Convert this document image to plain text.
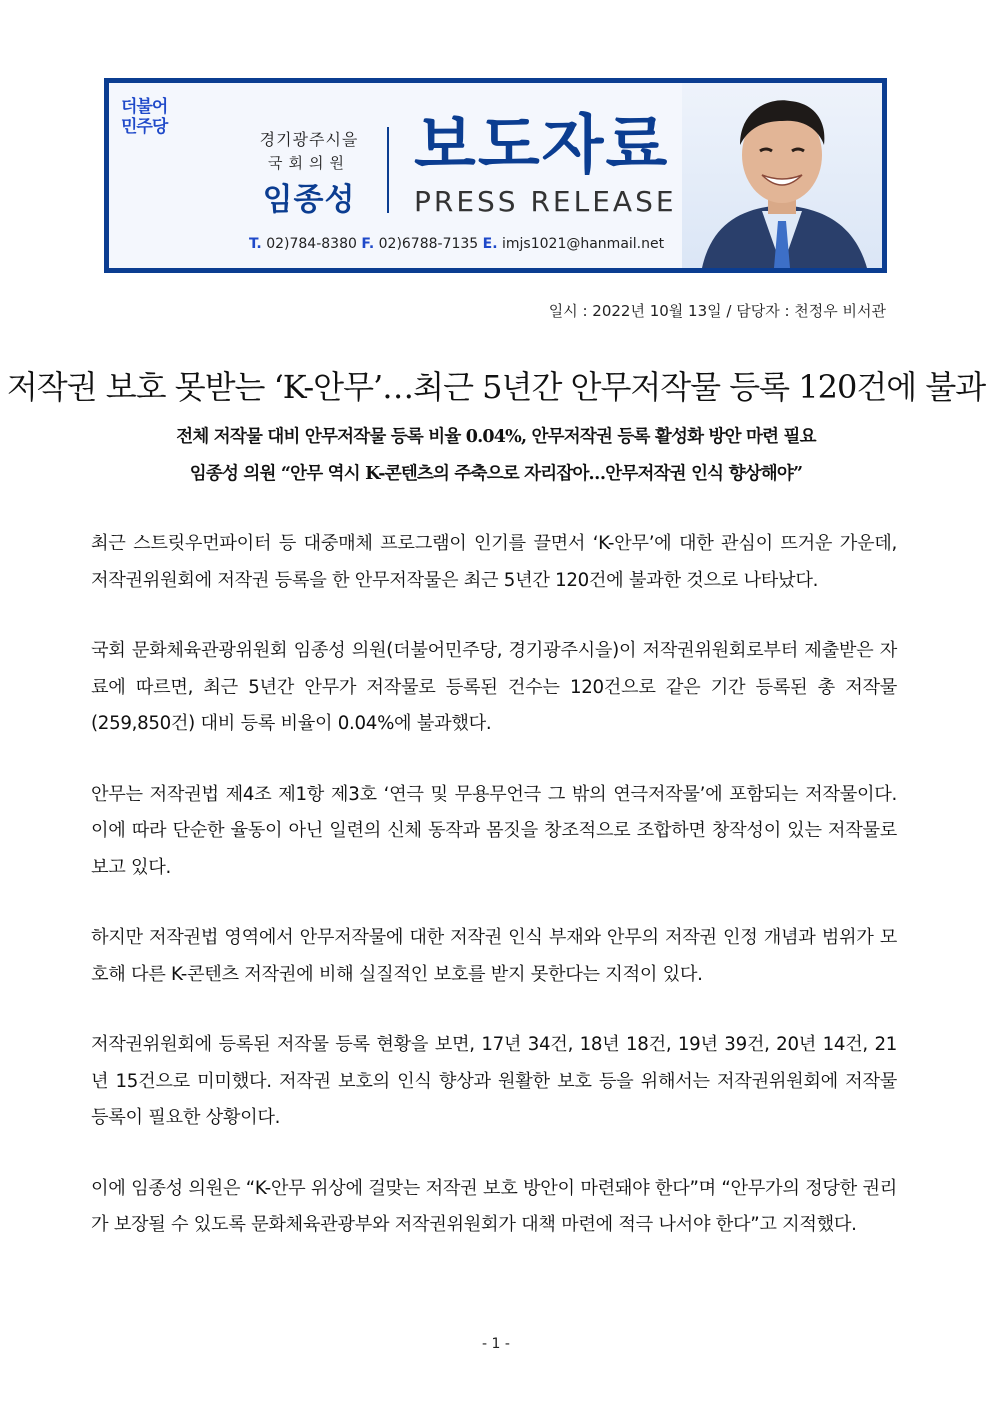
더불어
민주당
경기광주시을
국회의원
임종성
보도자료
PRESS RELEASE
T. 02)784-8380 F. 02)6788-7135 E. imjs1021@hanmail.net
일시 : 2022년 10월 13일 / 담당자 : 천정우 비서관
저작권 보호 못받는 ‘K-안무’…최근 5년간 안무저작물 등록 120건에 불과
전체 저작물 대비 안무저작물 등록 비율 0.04%, 안무저작권 등록 활성화 방안 마련 필요
임종성 의원 “안무 역시 K-콘텐츠의 주축으로 자리잡아…안무저작권 인식 향상해야”

최근 스트릿우먼파이터 등 대중매체 프로그램이 인기를 끌면서 ‘K-안무’에 대한 관심이 뜨거운 가운데, 저작권위원회에 저작권 등록을 한 안무저작물은 최근 5년간 120건에 불과한 것으로 나타났다.

국회 문화체육관광위원회 임종성 의원(더불어민주당, 경기광주시을)이 저작권위원회로부터 제출받은 자료에 따르면, 최근 5년간 안무가 저작물로 등록된 건수는 120건으로 같은 기간 등록된 총 저작물(259,850건) 대비 등록 비율이 0.04%에 불과했다.

안무는 저작권법 제4조 제1항 제3호 ‘연극 및 무용무언극 그 밖의 연극저작물’에 포함되는 저작물이다. 이에 따라 단순한 율동이 아닌 일련의 신체 동작과 몸짓을 창조적으로 조합하면 창작성이 있는 저작물로 보고 있다.

하지만 저작권법 영역에서 안무저작물에 대한 저작권 인식 부재와 안무의 저작권 인정 개념과 범위가 모호해 다른 K-콘텐츠 저작권에 비해 실질적인 보호를 받지 못한다는 지적이 있다.

저작권위원회에 등록된 저작물 등록 현황을 보면, 17년 34건, 18년 18건, 19년 39건, 20년 14건, 21년 15건으로 미미했다. 저작권 보호의 인식 향상과 원활한 보호 등을 위해서는 저작권위원회에 저작물 등록이 필요한 상황이다.

이에 임종성 의원은 “K-안무 위상에 걸맞는 저작권 보호 방안이 마련돼야 한다”며 “안무가의 정당한 권리가 보장될 수 있도록 문화체육관광부와 저작권위원회가 대책 마련에 적극 나서야 한다”고 지적했다.

- 1 -
